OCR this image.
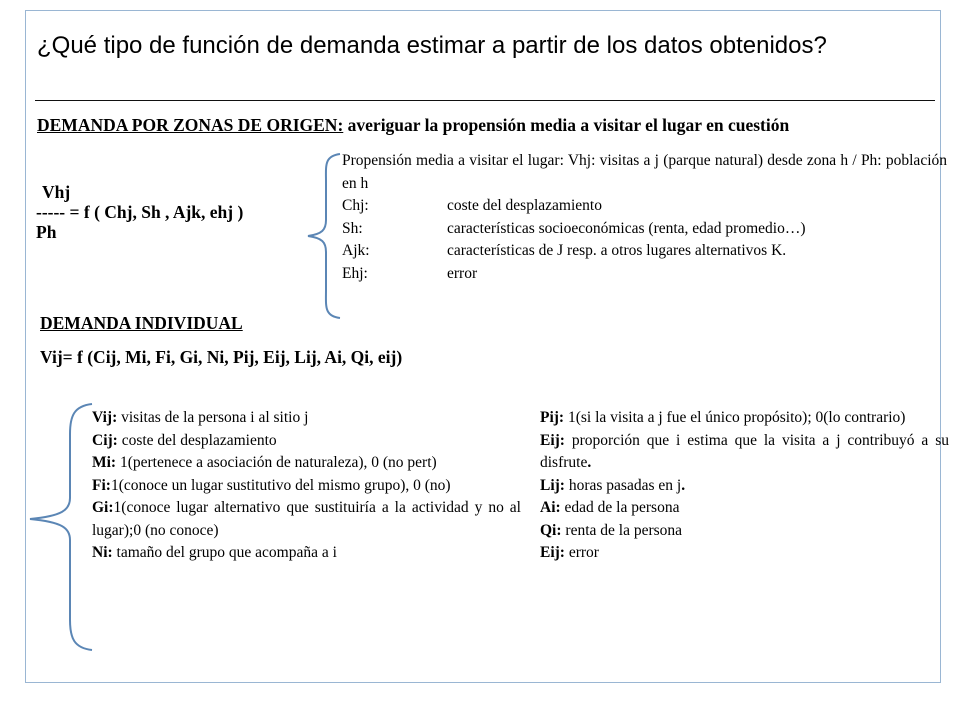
¿Qué tipo de función de demanda estimar a partir de los datos obtenidos?

DEMANDA POR ZONAS DE ORIGEN: averiguar la propensión media a visitar el lugar en cuestión

Vhj
----- = f ( Chj, Sh , Ajk, ehj )
Ph

Propensión media a visitar el lugar: Vhj: visitas a j (parque natural) desde zona h / Ph: población en h

Chj:	coste del desplazamiento
Sh:	características socioeconómicas (renta, edad promedio…)
Ajk:	características de J resp. a otros lugares alternativos K.
Ehj:	error
DEMANDA INDIVIDUAL
Vij= f (Cij, Mi, Fi, Gi, Ni, Pij, Eij, Lij, Ai, Qi, eij)

Vij: visitas de la persona i al sitio j

Cij: coste del desplazamiento

Mi: 1(pertenece a asociación de naturaleza), 0 (no pert)

Fi:1(conoce un lugar sustitutivo del mismo grupo), 0 (no)

Gi:1(conoce lugar alternativo que sustituiría a la actividad y no al lugar);0 (no conoce)

Ni: tamaño del grupo que acompaña a i

Pij: 1(si la visita a j fue el único propósito); 0(lo contrario)

Eij: proporción que i estima que la visita a j contribuyó a su disfrute.

Lij: horas pasadas en j.

Ai: edad de la persona

Qi: renta de la persona

Eij: error
